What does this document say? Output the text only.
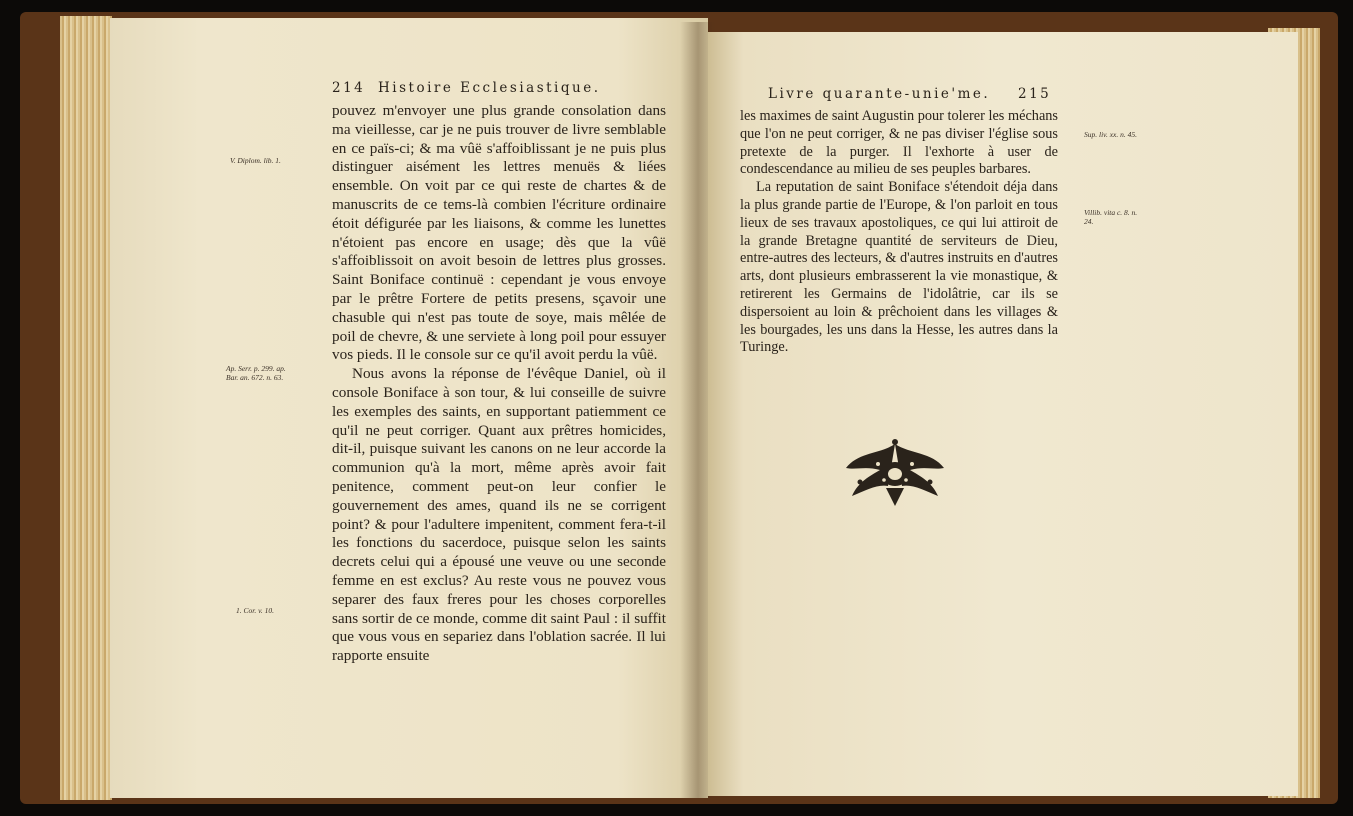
214 Histoire Ecclesiastique.

pouvez m'envoyer une plus grande consolation dans ma vieillesse, car je ne puis trouver de livre semblable en ce païs-ci; & ma vûë s'affoiblissant je ne puis plus distinguer aisément les lettres menuës & liées ensemble. On voit par ce qui reste de chartes & de manuscrits de ce tems-là combien l'écriture ordinaire étoit défigurée par les liaisons, & comme les lunettes n'étoient pas encore en usage; dès que la vûë s'affoiblissoit on avoit besoin de lettres plus grosses. Saint Boniface continuë : cependant je vous envoye par le prêtre Fortere de petits presens, sçavoir une chasuble qui n'est pas toute de soye, mais mêlée de poil de chevre, & une serviete à long poil pour essuyer vos pieds. Il le console sur ce qu'il avoit perdu la vûë.

Nous avons la réponse de l'évêque Daniel, où il console Boniface à son tour, & lui conseille de suivre les exemples des saints, en supportant patiemment ce qu'il ne peut corriger. Quant aux prêtres homicides, dit-il, puisque suivant les canons on ne leur accorde la communion qu'à la mort, même après avoir fait penitence, comment peut-on leur confier le gouvernement des ames, quand ils ne se corrigent point? & pour l'adultere impenitent, comment fera-t-il les fonctions du sacerdoce, puisque selon les saints decrets celui qui a épousé une veuve ou une seconde femme en est exclus? Au reste vous ne pouvez vous separer des faux freres pour les choses corporelles sans sortir de ce monde, comme dit saint Paul : il suffit que vous vous en separiez dans l'oblation sacrée. Il lui rapporte ensuite

V. Diplom. lib. 1.
Ap. Serr. p. 299. ap. Bar. an. 672. n. 63.
1. Cor. v. 10.
Livre quarante-unie'me. 215

les maximes de saint Augustin pour tolerer les méchans que l'on ne peut corriger, & ne pas diviser l'église sous pretexte de la purger. Il l'exhorte à user de condescendance au milieu de ses peuples barbares.

La reputation de saint Boniface s'étendoit déja dans la plus grande partie de l'Europe, & l'on parloit en tous lieux de ses travaux apostoliques, ce qui lui attiroit de la grande Bretagne quantité de serviteurs de Dieu, entre-autres des lecteurs, & d'autres instruits en d'autres arts, dont plusieurs embrasserent la vie monastique, & retirerent les Germains de l'idolâtrie, car ils se dispersoient au loin & prêchoient dans les villages & les bourgades, les uns dans la Hesse, les autres dans la Turinge.

Sup. liv. xx. n. 45.
Villib. vita c. 8. n. 24.
